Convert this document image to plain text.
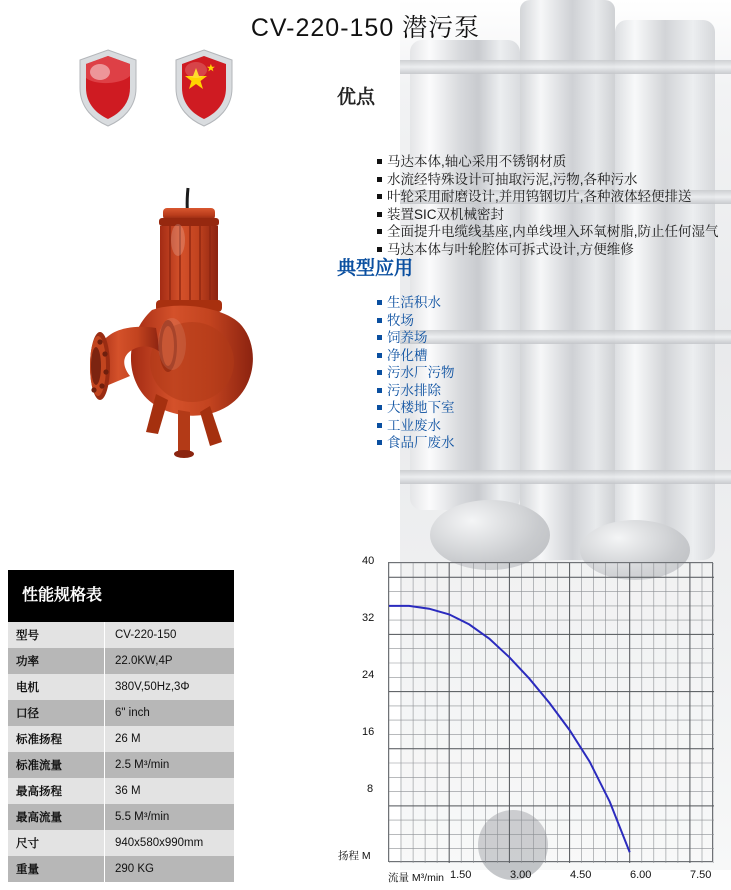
CV-220-150 潜污泵
优点
马达本体,轴心采用不锈钢材质
水流经特殊设计可抽取污泥,污物,各种污水
叶轮采用耐磨设计,并用钨钢切片,各种液体轻便排送
装置SIC双机械密封
全面提升电缆线基座,内单线埋入环氧树脂,防止任何湿气
马达本体与叶轮腔体可拆式设计,方便维修
典型应用
生活积水
牧场
饲养场
净化槽
污水厂污物
污水排除
大楼地下室
工业废水
食品厂废水
性能规格表
型号	CV-220-150
功率	22.0KW,4P
电机	380V,50Hz,3Φ
口径	6" inch
标准扬程	26 M
标准流量	2.5 M³/min
最高扬程	36 M
最高流量	5.5 M³/min
尺寸	940x580x990mm
重量	290 KG
40
32
24
16
8
扬程 M
流量 M³/min 1.50	3.00	4.50	6.00	7.50
